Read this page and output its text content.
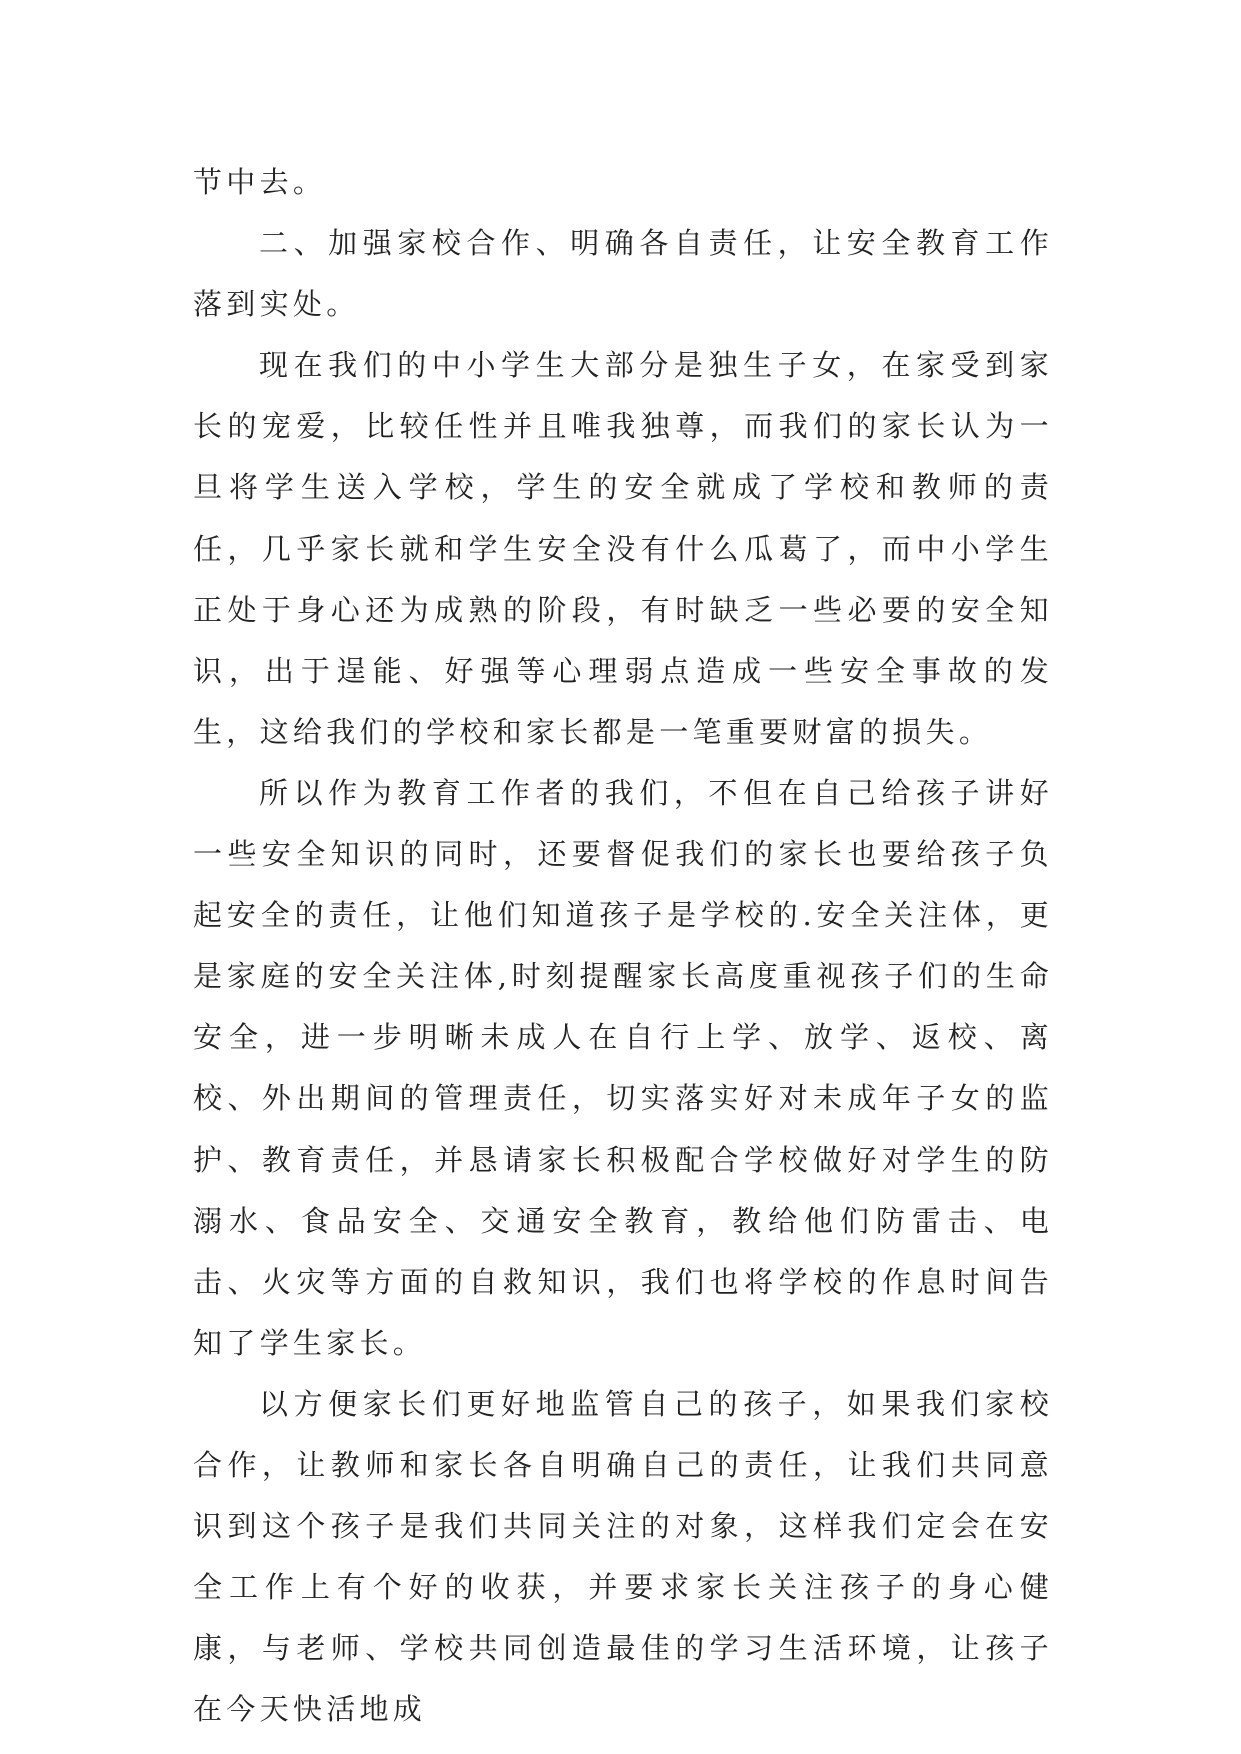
节中去。

二、加强家校合作、明确各自责任，让安全教育工作落到实处。

现在我们的中小学生大部分是独生子女，在家受到家长的宠爱，比较任性并且唯我独尊，而我们的家长认为一旦将学生送入学校，学生的安全就成了学校和教师的责任，几乎家长就和学生安全没有什么瓜葛了，而中小学生正处于身心还为成熟的阶段，有时缺乏一些必要的安全知识，出于逞能、好强等心理弱点造成一些安全事故的发生，这给我们的学校和家长都是一笔重要财富的损失。

所以作为教育工作者的我们，不但在自己给孩子讲好一些安全知识的同时，还要督促我们的家长也要给孩子负起安全的责任，让他们知道孩子是学校的.安全关注体，更是家庭的安全关注体,时刻提醒家长高度重视孩子们的生命安全，进一步明晰未成人在自行上学、放学、返校、离校、外出期间的管理责任，切实落实好对未成年子女的监护、教育责任，并恳请家长积极配合学校做好对学生的防溺水、食品安全、交通安全教育，教给他们防雷击、电击、火灾等方面的自救知识，我们也将学校的作息时间告知了学生家长。

以方便家长们更好地监管自己的孩子，如果我们家校合作，让教师和家长各自明确自己的责任，让我们共同意识到这个孩子是我们共同关注的对象，这样我们定会在安全工作上有个好的收获，并要求家长关注孩子的身心健康，与老师、学校共同创造最佳的学习生活环境，让孩子在今天快活地成
